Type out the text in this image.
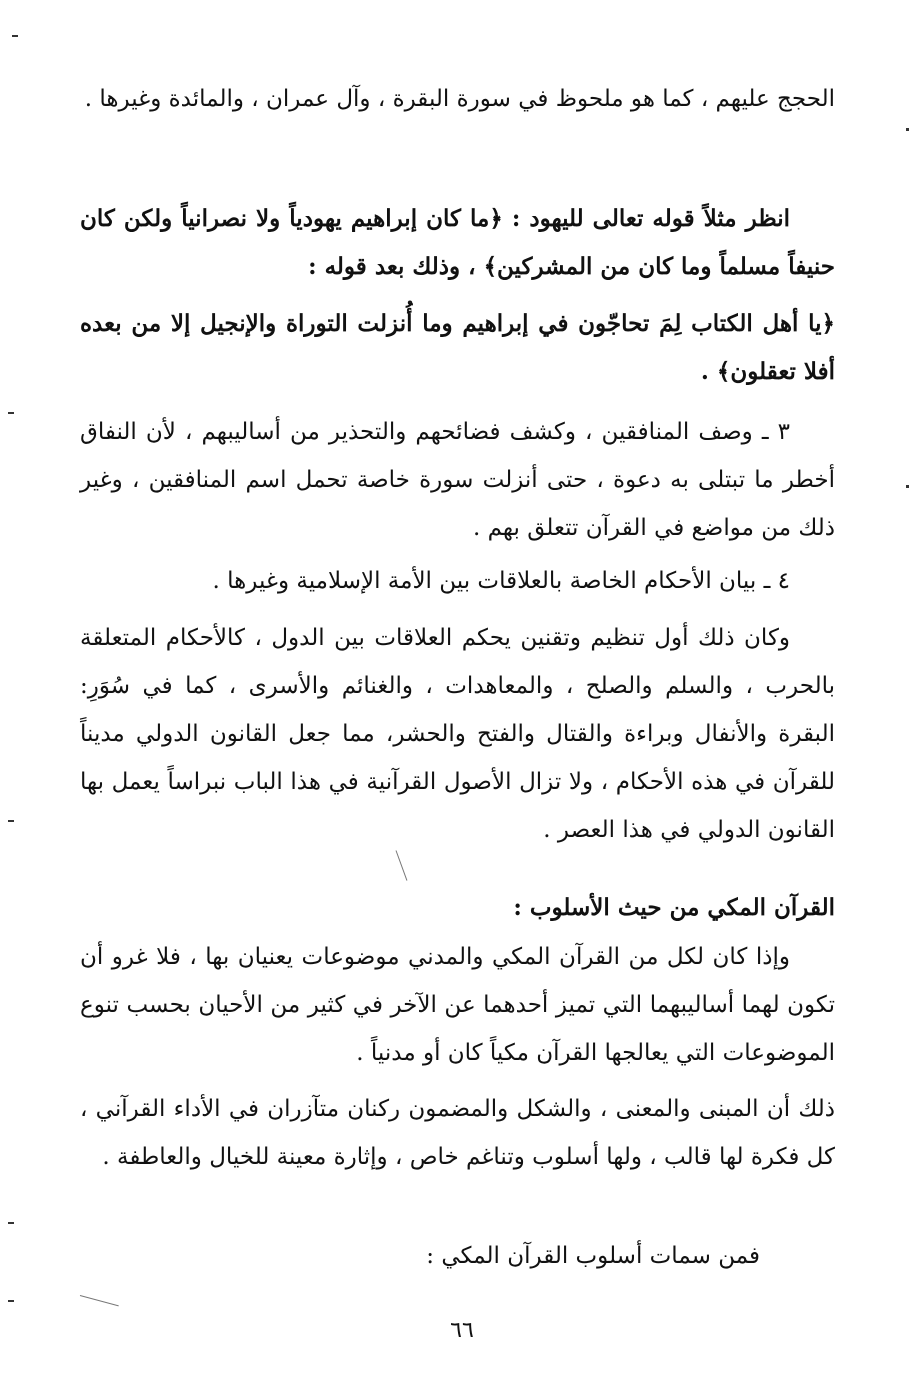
الحجج عليهم ، كما هو ملحوظ في سورة البقرة ، وآل عمران ، والمائدة وغيرها .

انظر مثلاً قوله تعالى لليهود : ﴿ما كان إبراهيم يهودياً ولا نصرانياً ولكن كان حنيفاً مسلماً وما كان من المشركين﴾ ، وذلك بعد قوله :

﴿يا أهل الكتاب لِمَ تحاجّون في إبراهيم وما أُنزلت التوراة والإنجيل إلا من بعده أفلا تعقلون﴾ .

٣ ـ وصف المنافقين ، وكشف فضائحهم والتحذير من أساليبهم ، لأن النفاق أخطر ما تبتلى به دعوة ، حتى أنزلت سورة خاصة تحمل اسم المنافقين ، وغير ذلك من مواضع في القرآن تتعلق بهم .

٤ ـ بيان الأحكام الخاصة بالعلاقات بين الأمة الإسلامية وغيرها .

وكان ذلك أول تنظيم وتقنين يحكم العلاقات بين الدول ، كالأحكام المتعلقة بالحرب ، والسلم والصلح ، والمعاهدات ، والغنائم والأسرى ، كما في سُوَرِ: البقرة والأنفال وبراءة والقتال والفتح والحشر، مما جعل القانون الدولي مديناً للقرآن في هذه الأحكام ، ولا تزال الأصول القرآنية في هذا الباب نبراساً يعمل بها القانون الدولي في هذا العصر .

القرآن المكي من حيث الأسلوب :

وإذا كان لكل من القرآن المكي والمدني موضوعات يعنيان بها ، فلا غرو أن تكون لهما أساليبهما التي تميز أحدهما عن الآخر في كثير من الأحيان بحسب تنوع الموضوعات التي يعالجها القرآن مكياً كان أو مدنياً .

ذلك أن المبنى والمعنى ، والشكل والمضمون ركنان متآزران في الأداء القرآني ، كل فكرة لها قالب ، ولها أسلوب وتناغم خاص ، وإثارة معينة للخيال والعاطفة .

فمن سمات أسلوب القرآن المكي :

٦٦
